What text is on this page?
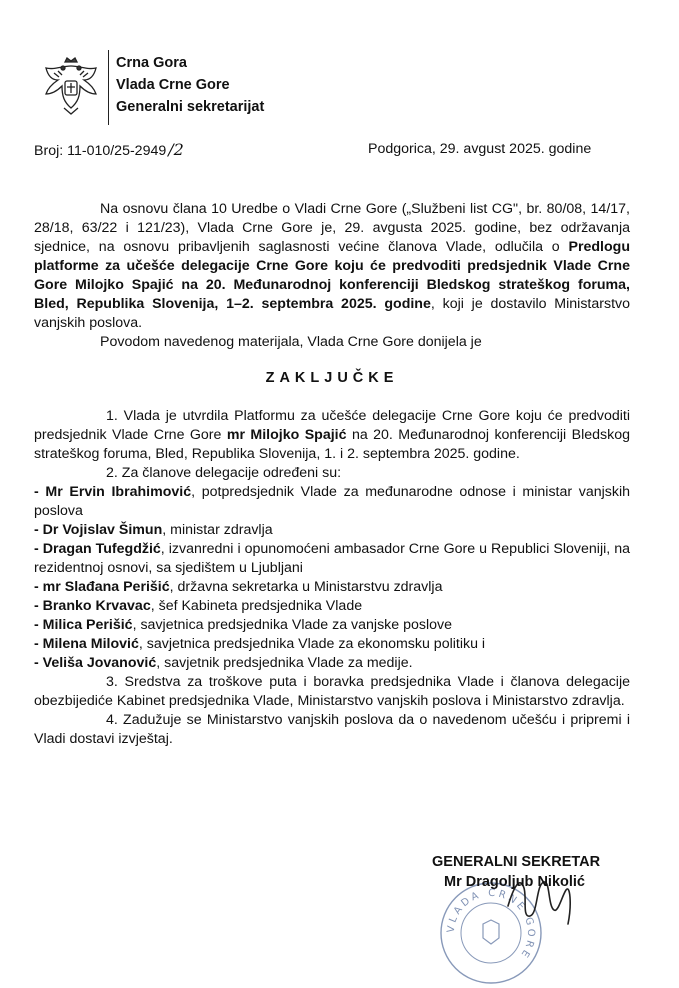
Crna Gora
Vlada Crne Gore
Generalni sekretarijat
Broj: 11-010/25-2949 /2	Podgorica, 29. avgust 2025. godine

Na osnovu člana 10 Uredbe o Vladi Crne Gore („Službeni list CG", br. 80/08, 14/17, 28/18, 63/22 i 121/23), Vlada Crne Gore je, 29. avgusta 2025. godine, bez održavanja sjednice, na osnovu pribavljenih saglasnosti većine članova Vlade, odlučila o Predlogu platforme za učešće delegacije Crne Gore koju će predvoditi predsjednik Vlade Crne Gore Milojko Spajić na 20. Međunarodnoj konferenciji Bledskog strateškog foruma, Bled, Republika Slovenija, 1–2. septembra 2025. godine, koji je dostavilo Ministarstvo vanjskih poslova.

Povodom navedenog materijala, Vlada Crne Gore donijela je

ZAKLJUČKE

1. Vlada je utvrdila Platformu za učešće delegacije Crne Gore koju će predvoditi predsjednik Vlade Crne Gore mr Milojko Spajić na 20. Međunarodnoj konferenciji Bledskog strateškog foruma, Bled, Republika Slovenija, 1. i 2. septembra 2025. godine.

2. Za članove delegacije određeni su:

- Mr Ervin Ibrahimović, potpredsjednik Vlade za međunarodne odnose i ministar vanjskih poslova

- Dr Vojislav Šimun, ministar zdravlja

- Dragan Tufegdžić, izvanredni i opunomoćeni ambasador Crne Gore u Republici Sloveniji, na rezidentnoj osnovi, sa sjedištem u Ljubljani

- mr Slađana Perišić, državna sekretarka u Ministarstvu zdravlja

- Branko Krvavac, šef Kabineta predsjednika Vlade

- Milica Perišić, savjetnica predsjednika Vlade za vanjske poslove

- Milena Milović, savjetnica predsjednika Vlade za ekonomsku politiku i

- Veliša Jovanović, savjetnik predsjednika Vlade za medije.

3. Sredstva za troškove puta i boravka predsjednika Vlade i članova delegacije obezbijediće Kabinet predsjednika Vlade, Ministarstvo vanjskih poslova i Ministarstvo zdravlja.

4. Zadužuje se Ministarstvo vanjskih poslova da o navedenom učešću i pripremi i Vladi dostavi izvještaj.

VLADA CRNE GORE
GENERALNI SEKRETAR
Mr Dragoljub Nikolić
